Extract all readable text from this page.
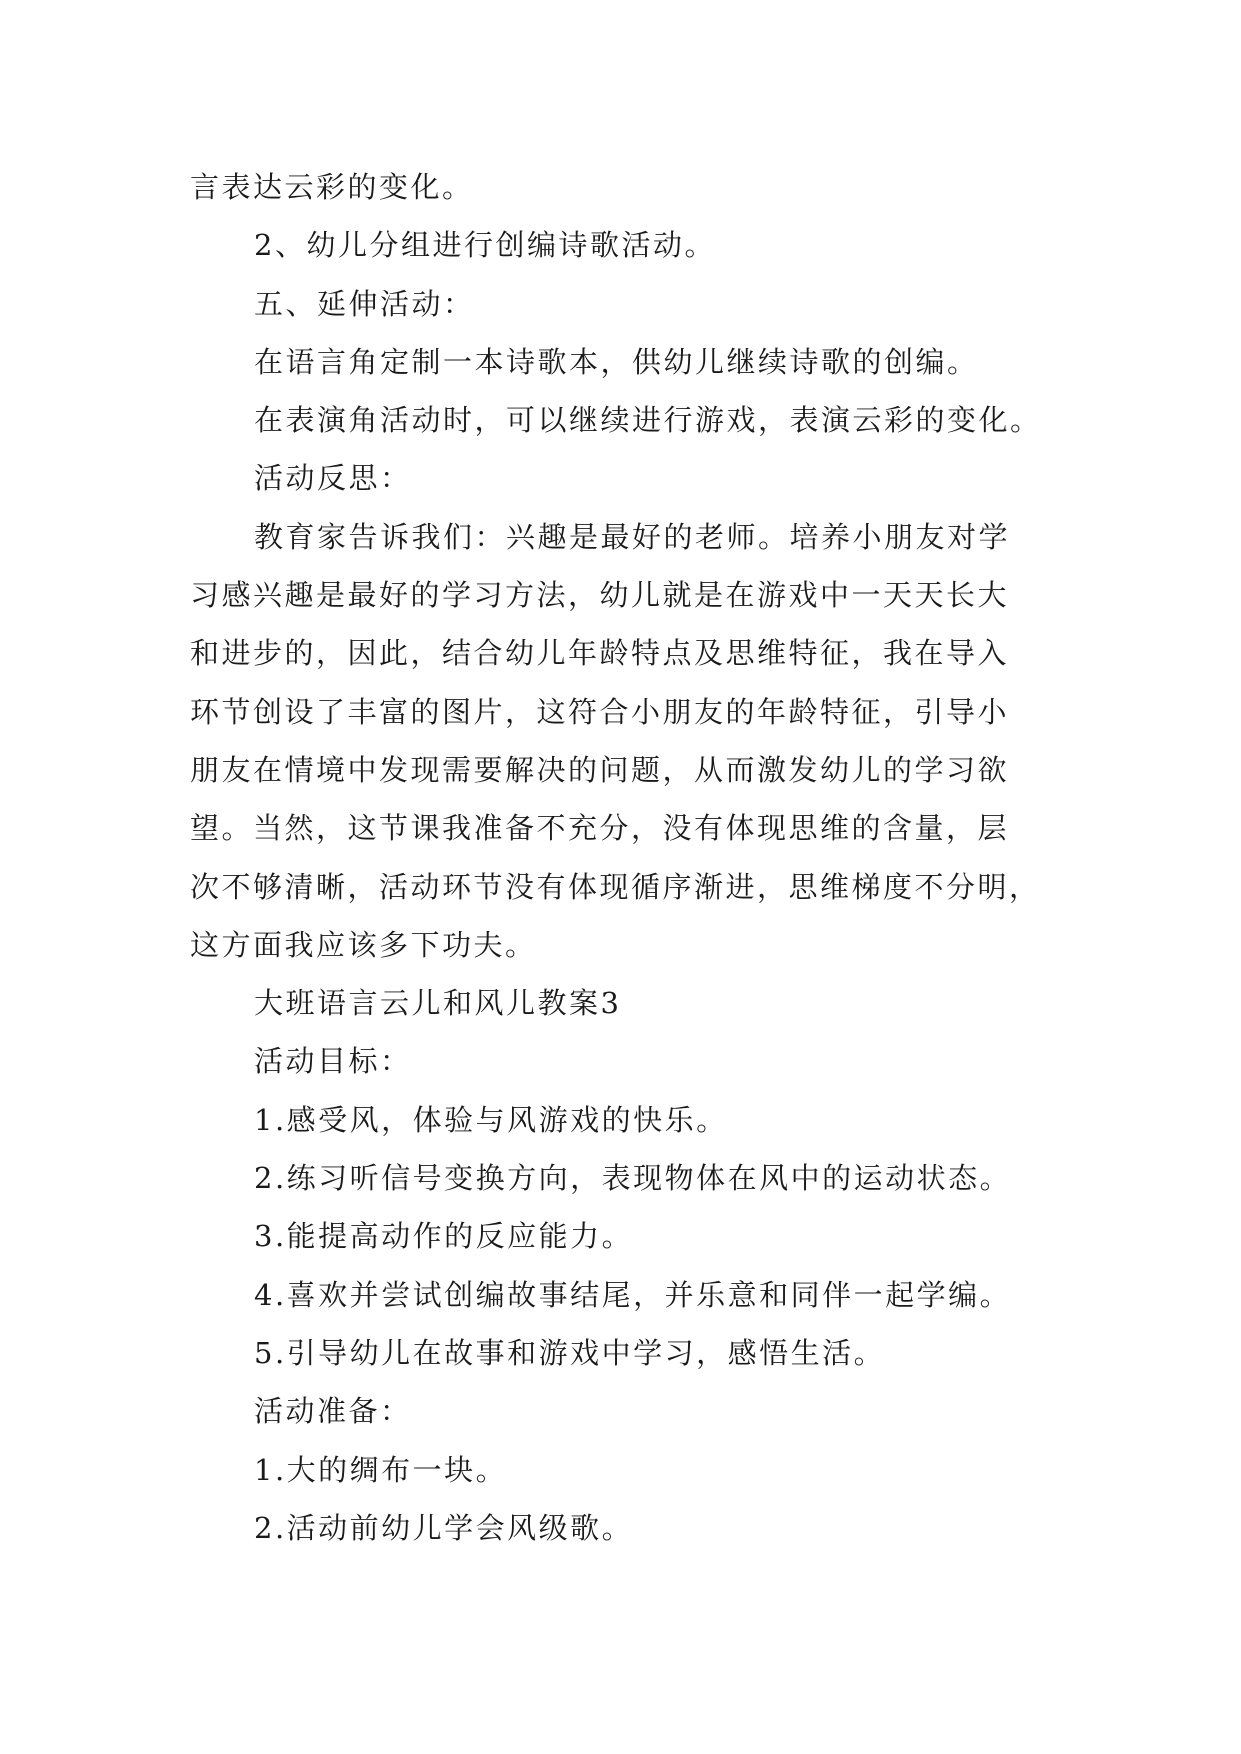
言表达云彩的变化。
2、幼儿分组进行创编诗歌活动。
五、延伸活动：
在语言角定制一本诗歌本，供幼儿继续诗歌的创编。
在表演角活动时，可以继续进行游戏，表演云彩的变化。
活动反思：
教育家告诉我们：兴趣是最好的老师。培养小朋友对学
习感兴趣是最好的学习方法，幼儿就是在游戏中一天天长大
和进步的，因此，结合幼儿年龄特点及思维特征，我在导入
环节创设了丰富的图片，这符合小朋友的年龄特征，引导小
朋友在情境中发现需要解决的问题，从而激发幼儿的学习欲
望。当然，这节课我准备不充分，没有体现思维的含量，层
次不够清晰，活动环节没有体现循序渐进，思维梯度不分明，
这方面我应该多下功夫。
大班语言云儿和风儿教案3
活动目标：
1.感受风，体验与风游戏的快乐。
2.练习听信号变换方向，表现物体在风中的运动状态。
3.能提高动作的反应能力。
4.喜欢并尝试创编故事结尾，并乐意和同伴一起学编。
5.引导幼儿在故事和游戏中学习，感悟生活。
活动准备：
1.大的绸布一块。
2.活动前幼儿学会风级歌。
